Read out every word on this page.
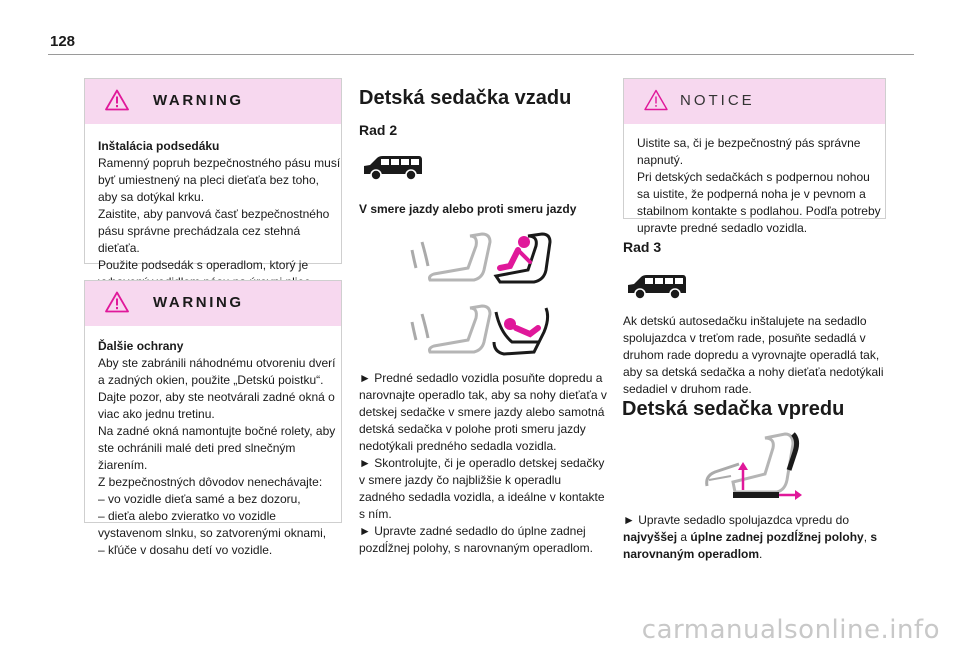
128
WARNING
Inštalácia podsedáku
Ramenný popruh bezpečnostného pásu musí byť umiestnený na pleci dieťaťa bez toho, aby sa dotýkal krku.
Zaistite, aby panvová časť bezpečnostného pásu správne prechádzala cez stehná dieťaťa.
Použite podsedák s operadlom, ktorý je
WARNING
Ďalšie ochrany
Aby ste zabránili náhodnému otvoreniu dverí a zadných okien, použite „Detskú poistku“.
Dajte pozor, aby ste neotvárali zadné okná o viac ako jednu tretinu.
Na zadné okná namontujte bočné rolety, aby ste ochránili malé deti pred slnečným žiarením.
Z bezpečnostných dôvodov nenechávajte:
– vo vozidle dieťa samé a bez dozoru,
– dieťa alebo zvieratko vo vozidle vystavenom slnku, so zatvorenými oknami,
– kľúče v dosahu detí vo vozidle.
Detská sedačka vzadu
Rad 2
V smere jazdy alebo proti smeru jazdy
► Predné sedadlo vozidla posuňte dopredu a narovnajte operadlo tak, aby sa nohy dieťaťa v detskej sedačke v smere jazdy alebo samotná detská sedačka v polohe proti smeru jazdy nedotýkali predného sedadla vozidla.
► Skontrolujte, či je operadlo detskej sedačky v smere jazdy čo najbližšie k operadlu zadného sedadla vozidla, a ideálne v kontakte s ním.
► Upravte zadné sedadlo do úplne zadnej pozdĺžnej polohy, s narovnaným operadlom.
NOTICE
Uistite sa, či je bezpečnostný pás správne napnutý.
Pri detských sedačkách s podpernou nohou sa uistite, že podperná noha je v pevnom a stabilnom kontakte s podlahou. Podľa potreby upravte predné sedadlo vozidla.
Rad 3
Ak detskú autosedačku inštalujete na sedadlo spolujazdca v treťom rade, posuňte sedadlá v druhom rade dopredu a vyrovnajte operadlá tak, aby sa detská sedačka a nohy dieťaťa nedotýkali sedadiel v druhom rade.
Detská sedačka vpredu
► Upravte sedadlo spolujazdca vpredu do najvyššej a úplne zadnej pozdĺžnej polohy, s narovnaným operadlom.
carmanualsonline.info
